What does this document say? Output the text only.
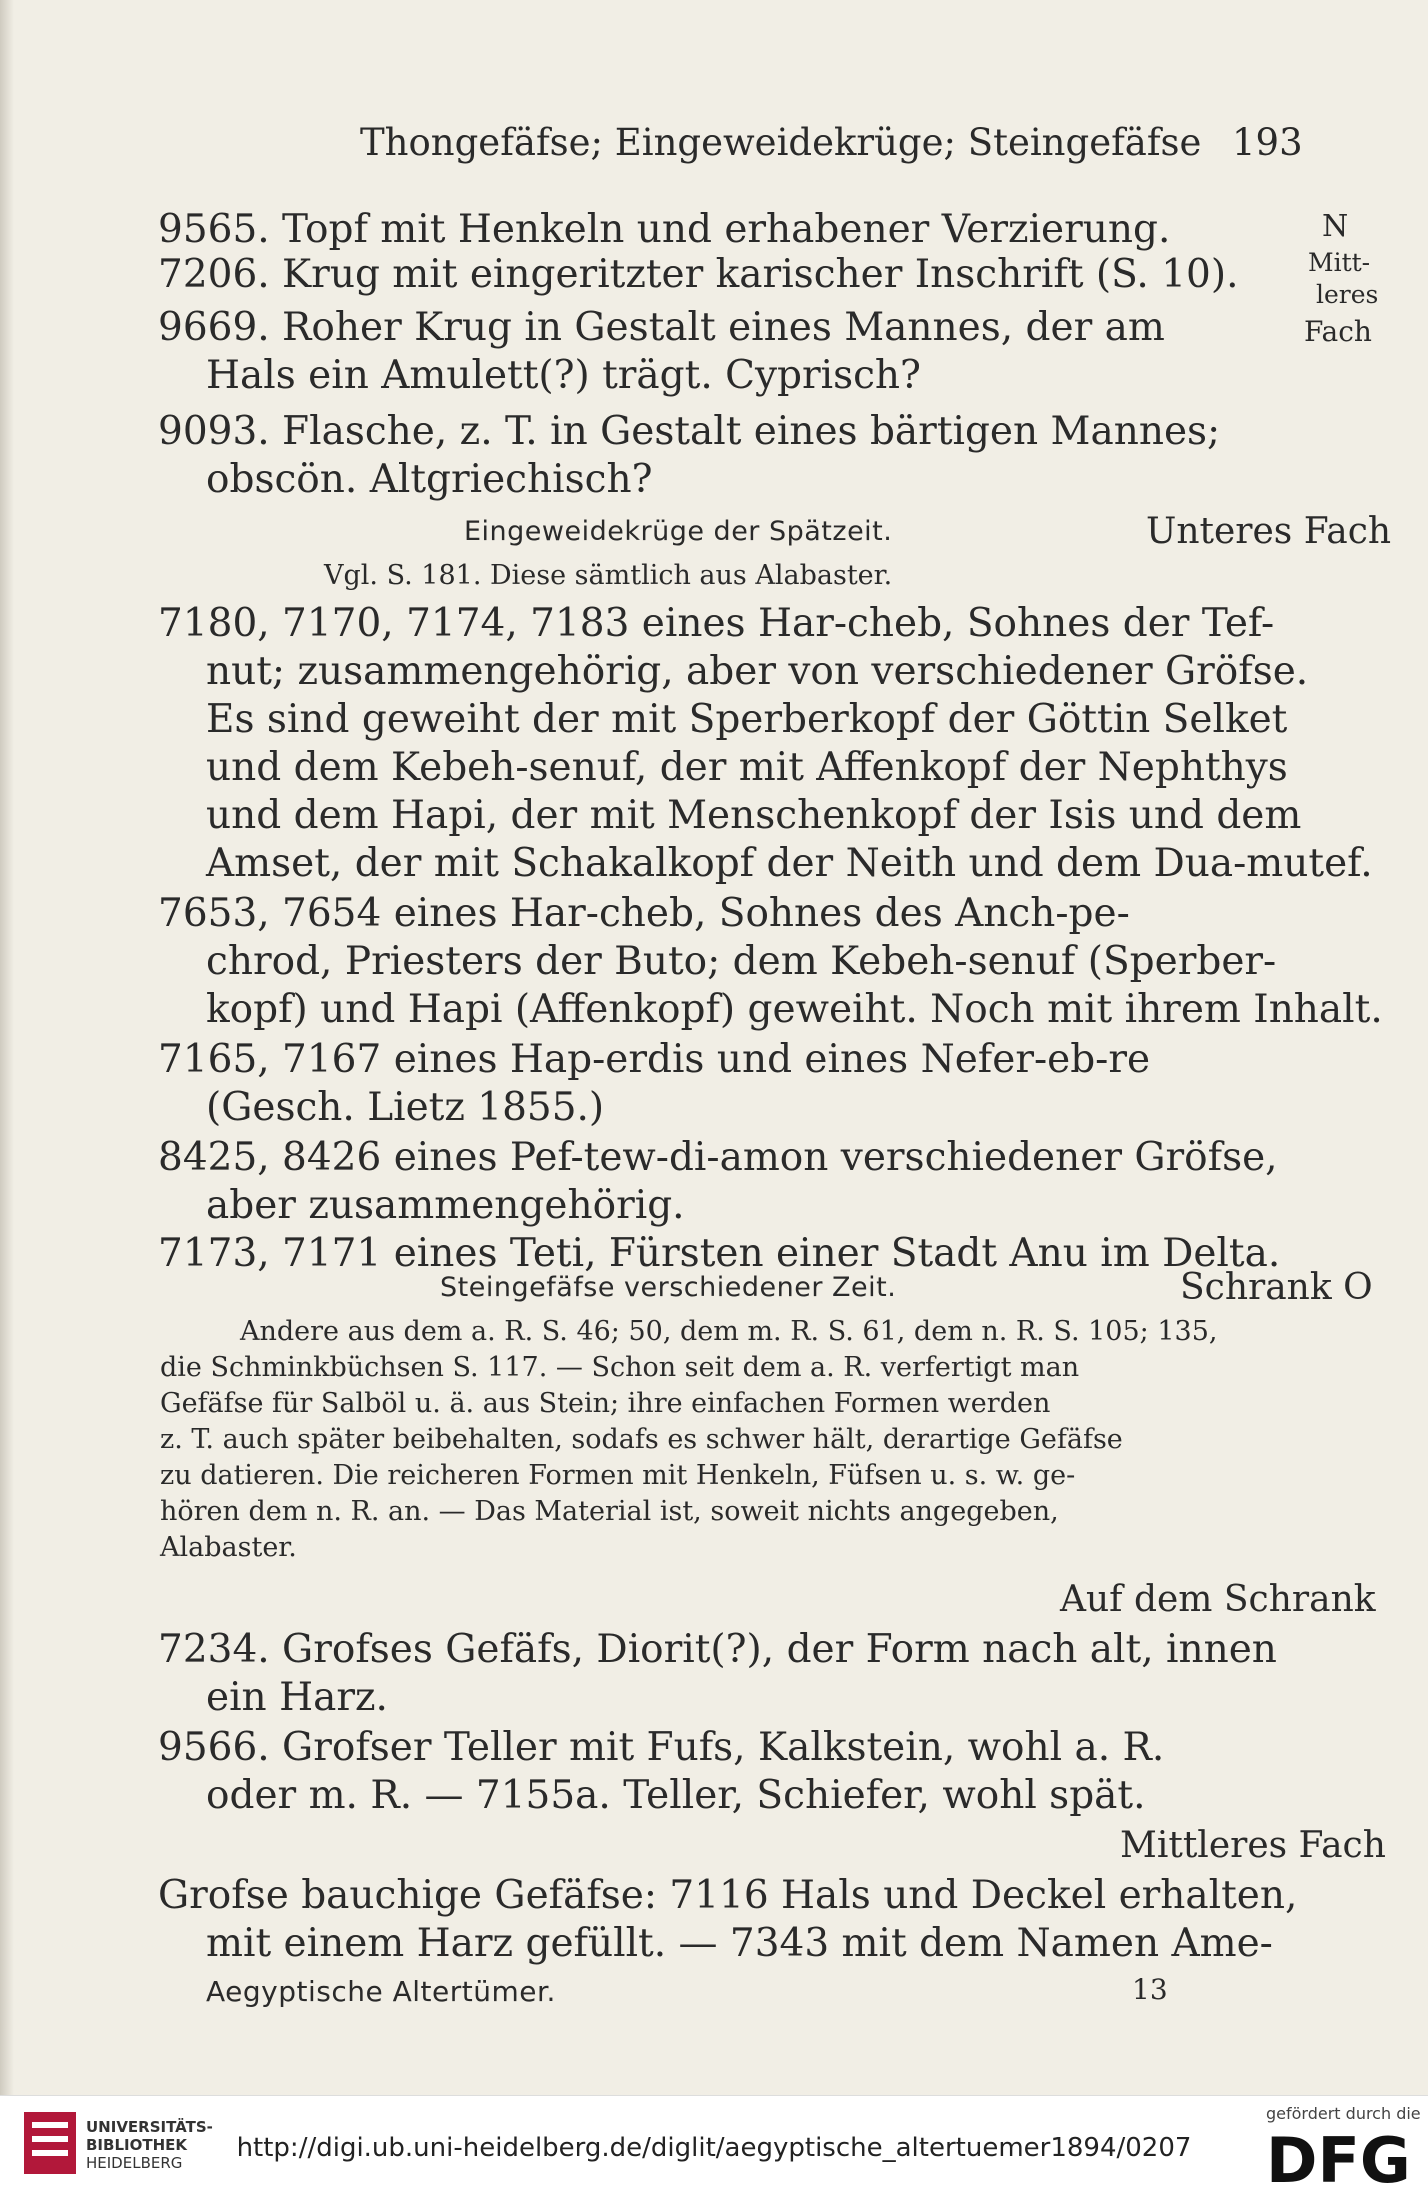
Thongefäfse; Eingeweidekrüge; Steingefäfse 193
N
Mitt-
leres
Fach
9565. Topf mit Henkeln und erhabener Verzierung.
7206. Krug mit eingeritzter karischer Inschrift (S. 10).
9669. Roher Krug in Gestalt eines Mannes, der am
Hals ein Amulett(?) trägt. Cyprisch?
9093. Flasche, z. T. in Gestalt eines bärtigen Mannes;
obscön. Altgriechisch?
Eingeweidekrüge der Spätzeit.	Unteres Fach
Vgl. S. 181. Diese sämtlich aus Alabaster.
7180, 7170, 7174, 7183 eines Har-cheb, Sohnes der Tef-
nut; zusammengehörig, aber von verschiedener Gröfse.
Es sind geweiht der mit Sperberkopf der Göttin Selket
und dem Kebeh-senuf, der mit Affenkopf der Nephthys
und dem Hapi, der mit Menschenkopf der Isis und dem
Amset, der mit Schakalkopf der Neith und dem Dua-mutef.
7653, 7654 eines Har-cheb, Sohnes des Anch-pe-
chrod, Priesters der Buto; dem Kebeh-senuf (Sperber-
kopf) und Hapi (Affenkopf) geweiht. Noch mit ihrem Inhalt.
7165, 7167 eines Hap-erdis und eines Nefer-eb-re
(Gesch. Lietz 1855.)
8425, 8426 eines Pef-tew-di-amon verschiedener Gröfse,
aber zusammengehörig.
7173, 7171 eines Teti, Fürsten einer Stadt Anu im Delta.
Steingefäfse verschiedener Zeit.	Schrank O
Andere aus dem a. R. S. 46; 50, dem m. R. S. 61, dem n. R. S. 105; 135,
die Schminkbüchsen S. 117. — Schon seit dem a. R. verfertigt man
Gefäfse für Salböl u. ä. aus Stein; ihre einfachen Formen werden
z. T. auch später beibehalten, sodafs es schwer hält, derartige Gefäfse
zu datieren. Die reicheren Formen mit Henkeln, Füfsen u. s. w. ge-
hören dem n. R. an. — Das Material ist, soweit nichts angegeben,
Alabaster.
Auf dem Schrank
7234. Grofses Gefäfs, Diorit(?), der Form nach alt, innen
ein Harz.
9566. Grofser Teller mit Fufs, Kalkstein, wohl a. R.
oder m. R. — 7155a. Teller, Schiefer, wohl spät.
Mittleres Fach
Grofse bauchige Gefäfse: 7116 Hals und Deckel erhalten,
mit einem Harz gefüllt. — 7343 mit dem Namen Ame-
Aegyptische Altertümer.	13
UNIVERSITÄTS-
BIBLIOTHEK
HEIDELBERG	http://digi.ub.uni-heidelberg.de/diglit/aegyptische_altertuemer1894/0207
gefördert durch die
DFG
